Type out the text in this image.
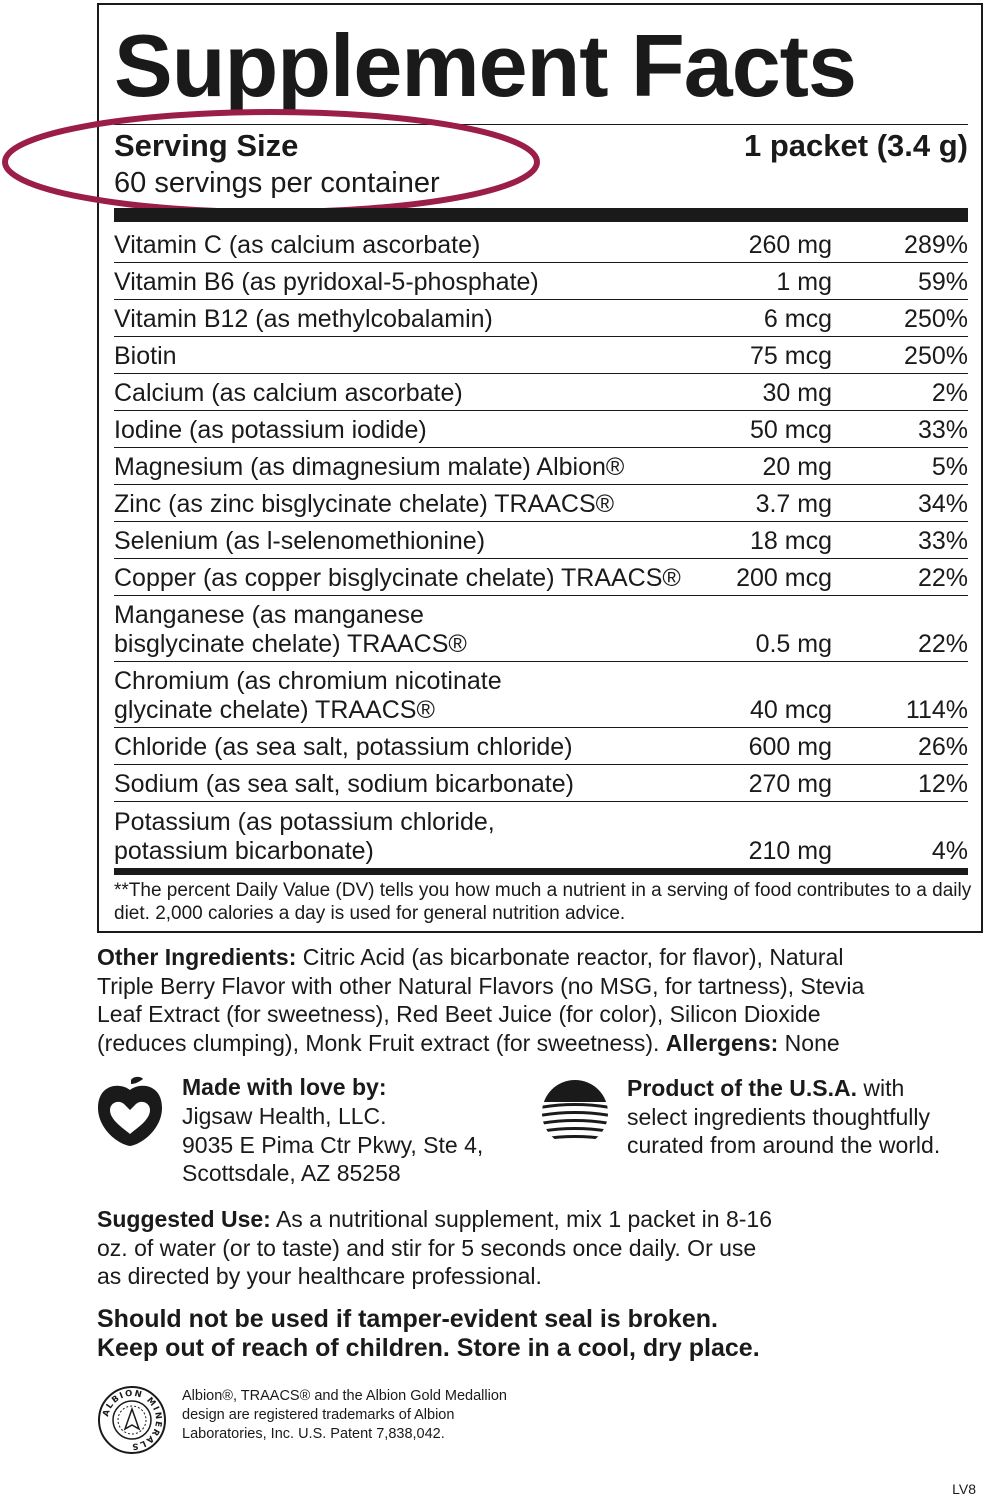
Supplement Facts
Serving Size	1 packet (3.4 g)
60 servings per container
Vitamin C (as calcium ascorbate)	260 mg	289%
Vitamin B6 (as pyridoxal-5-phosphate)	1 mg	59%
Vitamin B12 (as methylcobalamin)	6 mcg	250%
Biotin	75 mcg	250%
Calcium (as calcium ascorbate)	30 mg	2%
Iodine (as potassium iodide)	50 mcg	33%
Magnesium (as dimagnesium malate) Albion®	20 mg	5%
Zinc (as zinc bisglycinate chelate) TRAACS®	3.7 mg	34%
Selenium (as l-selenomethionine)	18 mcg	33%
Copper (as copper bisglycinate chelate) TRAACS®	200 mcg	22%
Manganese (as manganese
bisglycinate chelate) TRAACS®	0.5 mg	22%
Chromium (as chromium nicotinate
glycinate chelate) TRAACS®	40 mcg	114%
Chloride (as sea salt, potassium chloride)	600 mg	26%
Sodium (as sea salt, sodium bicarbonate)	270 mg	12%
Potassium (as potassium chloride,
potassium bicarbonate)	210 mg	4%
**The percent Daily Value (DV) tells you how much a nutrient in a serving of food contributes to a daily diet. 2,000 calories a day is used for general nutrition advice.
Other Ingredients: Citric Acid (as bicarbonate reactor, for flavor), Natural Triple Berry Flavor with other Natural Flavors (no MSG, for tartness), Stevia Leaf Extract (for sweetness), Red Beet Juice (for color), Silicon Dioxide (reduces clumping), Monk Fruit extract (for sweetness). Allergens: None
Made with love by:
Jigsaw Health, LLC.
9035 E Pima Ctr Pkwy, Ste 4,
Scottsdale, AZ 85258
Product of the U.S.A. with select ingredients thoughtfully curated from around the world.
Suggested Use: As a nutritional supplement, mix 1 packet in 8-16 oz. of water (or to taste) and stir for 5 seconds once daily. Or use as directed by your healthcare professional.
Should not be used if tamper-evident seal is broken.
Keep out of reach of children. Store in a cool, dry place.
ALBION MINERALS
Albion®, TRAACS® and the Albion Gold Medallion design are registered trademarks of Albion Laboratories, Inc. U.S. Patent 7,838,042.
LV8
